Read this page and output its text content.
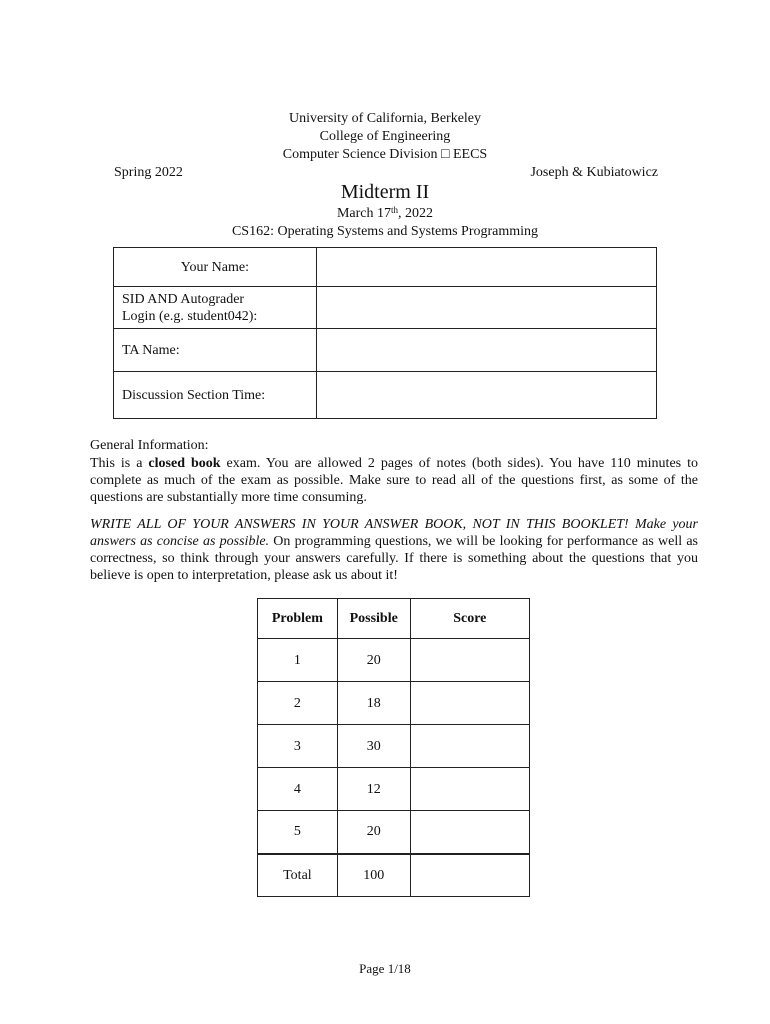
University of California, Berkeley
College of Engineering
Computer Science Division □ EECS
Spring 2022	Joseph & Kubiatowicz
Midterm II
March 17th, 2022
CS162: Operating Systems and Systems Programming
Your Name:	
SID AND Autograder
Login (e.g. student042):	
TA Name:	
Discussion Section Time:	
General Information:
This is a closed book exam. You are allowed 2 pages of notes (both sides). You have 110 minutes to complete as much of the exam as possible. Make sure to read all of the questions first, as some of the questions are substantially more time consuming.
WRITE ALL OF YOUR ANSWERS IN YOUR ANSWER BOOK, NOT IN THIS BOOKLET! Make your answers as concise as possible. On programming questions, we will be looking for performance as well as correctness, so think through your answers carefully. If there is something about the questions that you believe is open to interpretation, please ask us about it!
Problem	Possible	Score
1	20	
2	18	
3	30	
4	12	
5	20	
Total	100	
Page 1/18
